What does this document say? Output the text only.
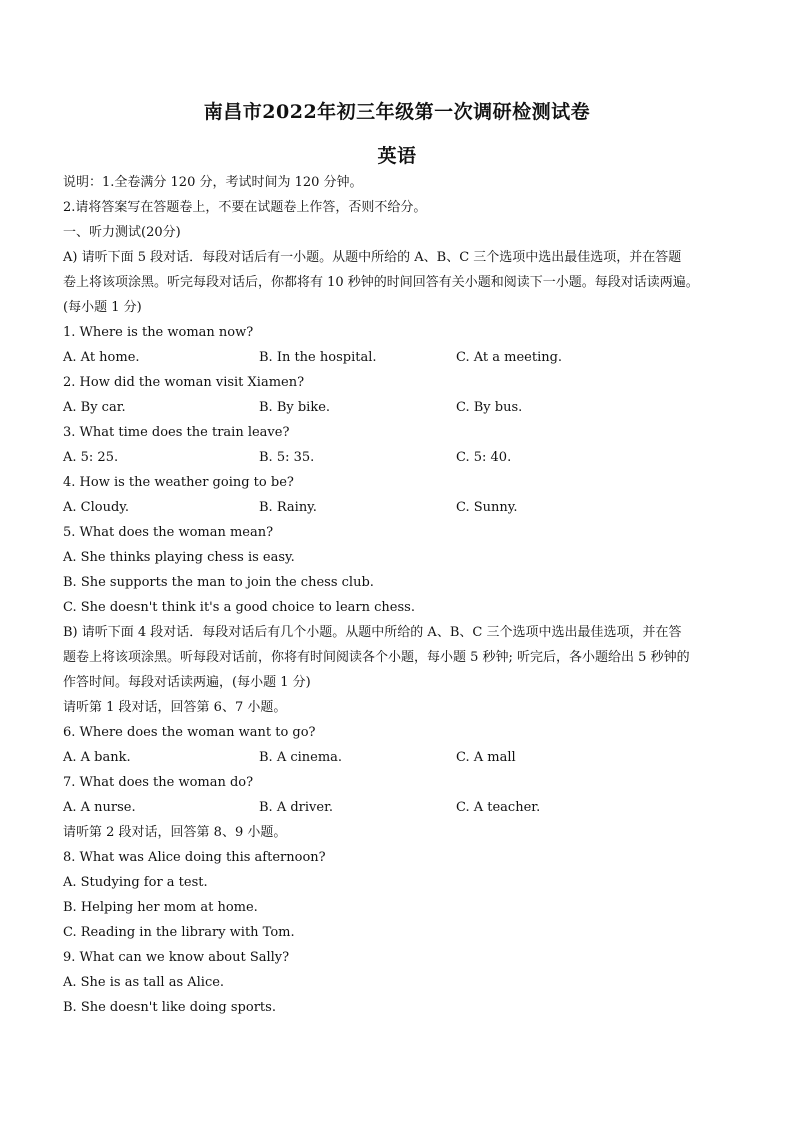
南昌市2022年初三年级第一次调研检测试卷
英语
说明：1.全卷满分 120 分，考试时间为 120 分钟。
2.请将答案写在答题卷上，不要在试题卷上作答，否则不给分。
一、听力测试(20分)
A) 请听下面 5 段对话．每段对话后有一小题。从题中所给的 A、B、C 三个选项中选出最佳选项，并在答题
卷上将该项涂黑。听完每段对话后，你都将有 10 秒钟的时间回答有关小题和阅读下一小题。每段对话读两遍。
(每小题 1 分)
1. Where is the woman now?
A. At home.	B. In the hospital.	C. At a meeting.
2. How did the woman visit Xiamen?
A. By car.	B. By bike.	C. By bus.
3. What time does the train leave?
A. 5: 25.	B. 5: 35.	C. 5: 40.
4. How is the weather going to be?
A. Cloudy.	B. Rainy.	C. Sunny.
5. What does the woman mean?
A. She thinks playing chess is easy.
B. She supports the man to join the chess club.
C. She doesn't think it's a good choice to learn chess.
B) 请听下面 4 段对话．每段对话后有几个小题。从题中所给的 A、B、C 三个选项中选出最佳选项，并在答
题卷上将该项涂黑。听每段对话前，你将有时间阅读各个小题，每小题 5 秒钟; 听完后，各小题给出 5 秒钟的
作答时间。每段对话读两遍，(每小题 1 分)
请听第 1 段对话，回答第 6、7 小题。
6. Where does the woman want to go?
A. A bank.	B. A cinema.	C. A mall
7. What does the woman do?
A. A nurse.	B. A driver.	C. A teacher.
请听第 2 段对话，回答第 8、9 小题。
8. What was Alice doing this afternoon?
A. Studying for a test.
B. Helping her mom at home.
C. Reading in the library with Tom.
9. What can we know about Sally?
A. She is as tall as Alice.
B. She doesn't like doing sports.
